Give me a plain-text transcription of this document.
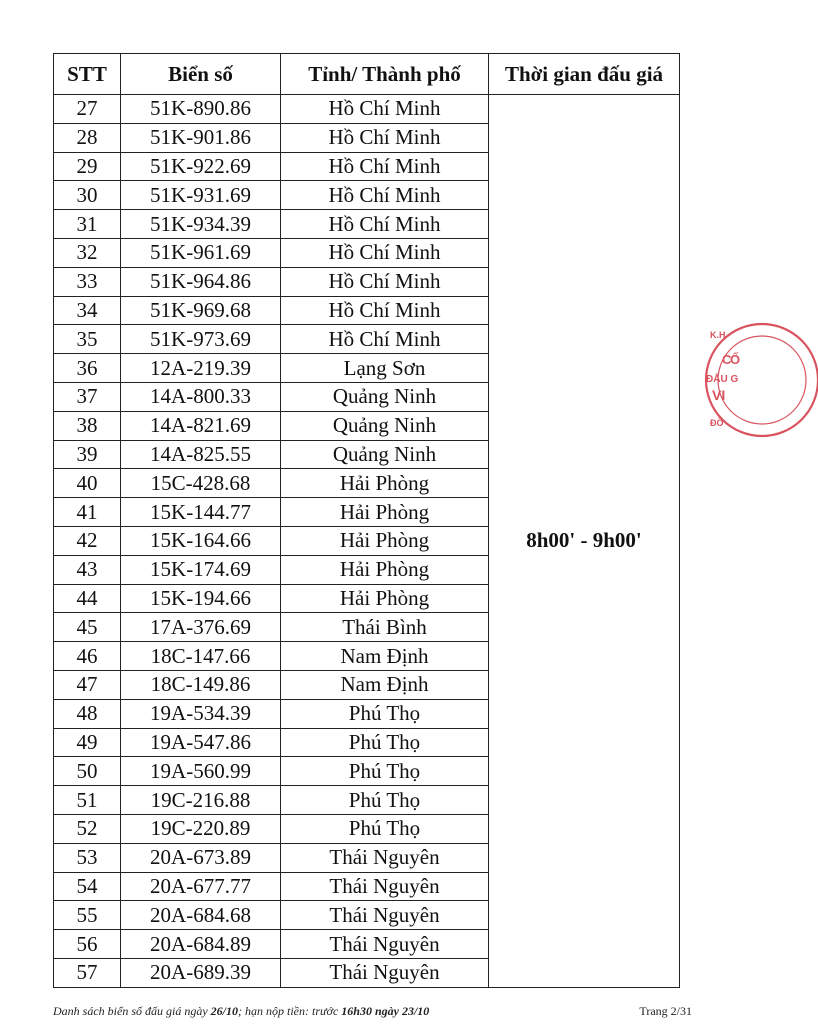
STT	Biển số	Tỉnh/ Thành phố	Thời gian đấu giá
27	51K-890.86	Hồ Chí Minh	8h00' - 9h00'
28	51K-901.86	Hồ Chí Minh	
29	51K-922.69	Hồ Chí Minh	
30	51K-931.69	Hồ Chí Minh	
31	51K-934.39	Hồ Chí Minh	
32	51K-961.69	Hồ Chí Minh	
33	51K-964.86	Hồ Chí Minh	
34	51K-969.68	Hồ Chí Minh	
35	51K-973.69	Hồ Chí Minh	
36	12A-219.39	Lạng Sơn	
37	14A-800.33	Quảng Ninh	
38	14A-821.69	Quảng Ninh	
39	14A-825.55	Quảng Ninh	
40	15C-428.68	Hải Phòng	
41	15K-144.77	Hải Phòng	
42	15K-164.66	Hải Phòng	
43	15K-174.69	Hải Phòng	
44	15K-194.66	Hải Phòng	
45	17A-376.69	Thái Bình	
46	18C-147.66	Nam Định	
47	18C-149.86	Nam Định	
48	19A-534.39	Phú Thọ	
49	19A-547.86	Phú Thọ	
50	19A-560.99	Phú Thọ	
51	19C-216.88	Phú Thọ	
52	19C-220.89	Phú Thọ	
53	20A-673.89	Thái Nguyên	
54	20A-677.77	Thái Nguyên	
55	20A-684.68	Thái Nguyên	
56	20A-684.89	Thái Nguyên	
57	20A-689.39	Thái Nguyên	
C
Ố
ĐẤU G
VI
ĐỒ
K.H
Danh sách biển số đấu giá ngày 26/10; hạn nộp tiền: trước 16h30 ngày 23/10	Trang 2/31
